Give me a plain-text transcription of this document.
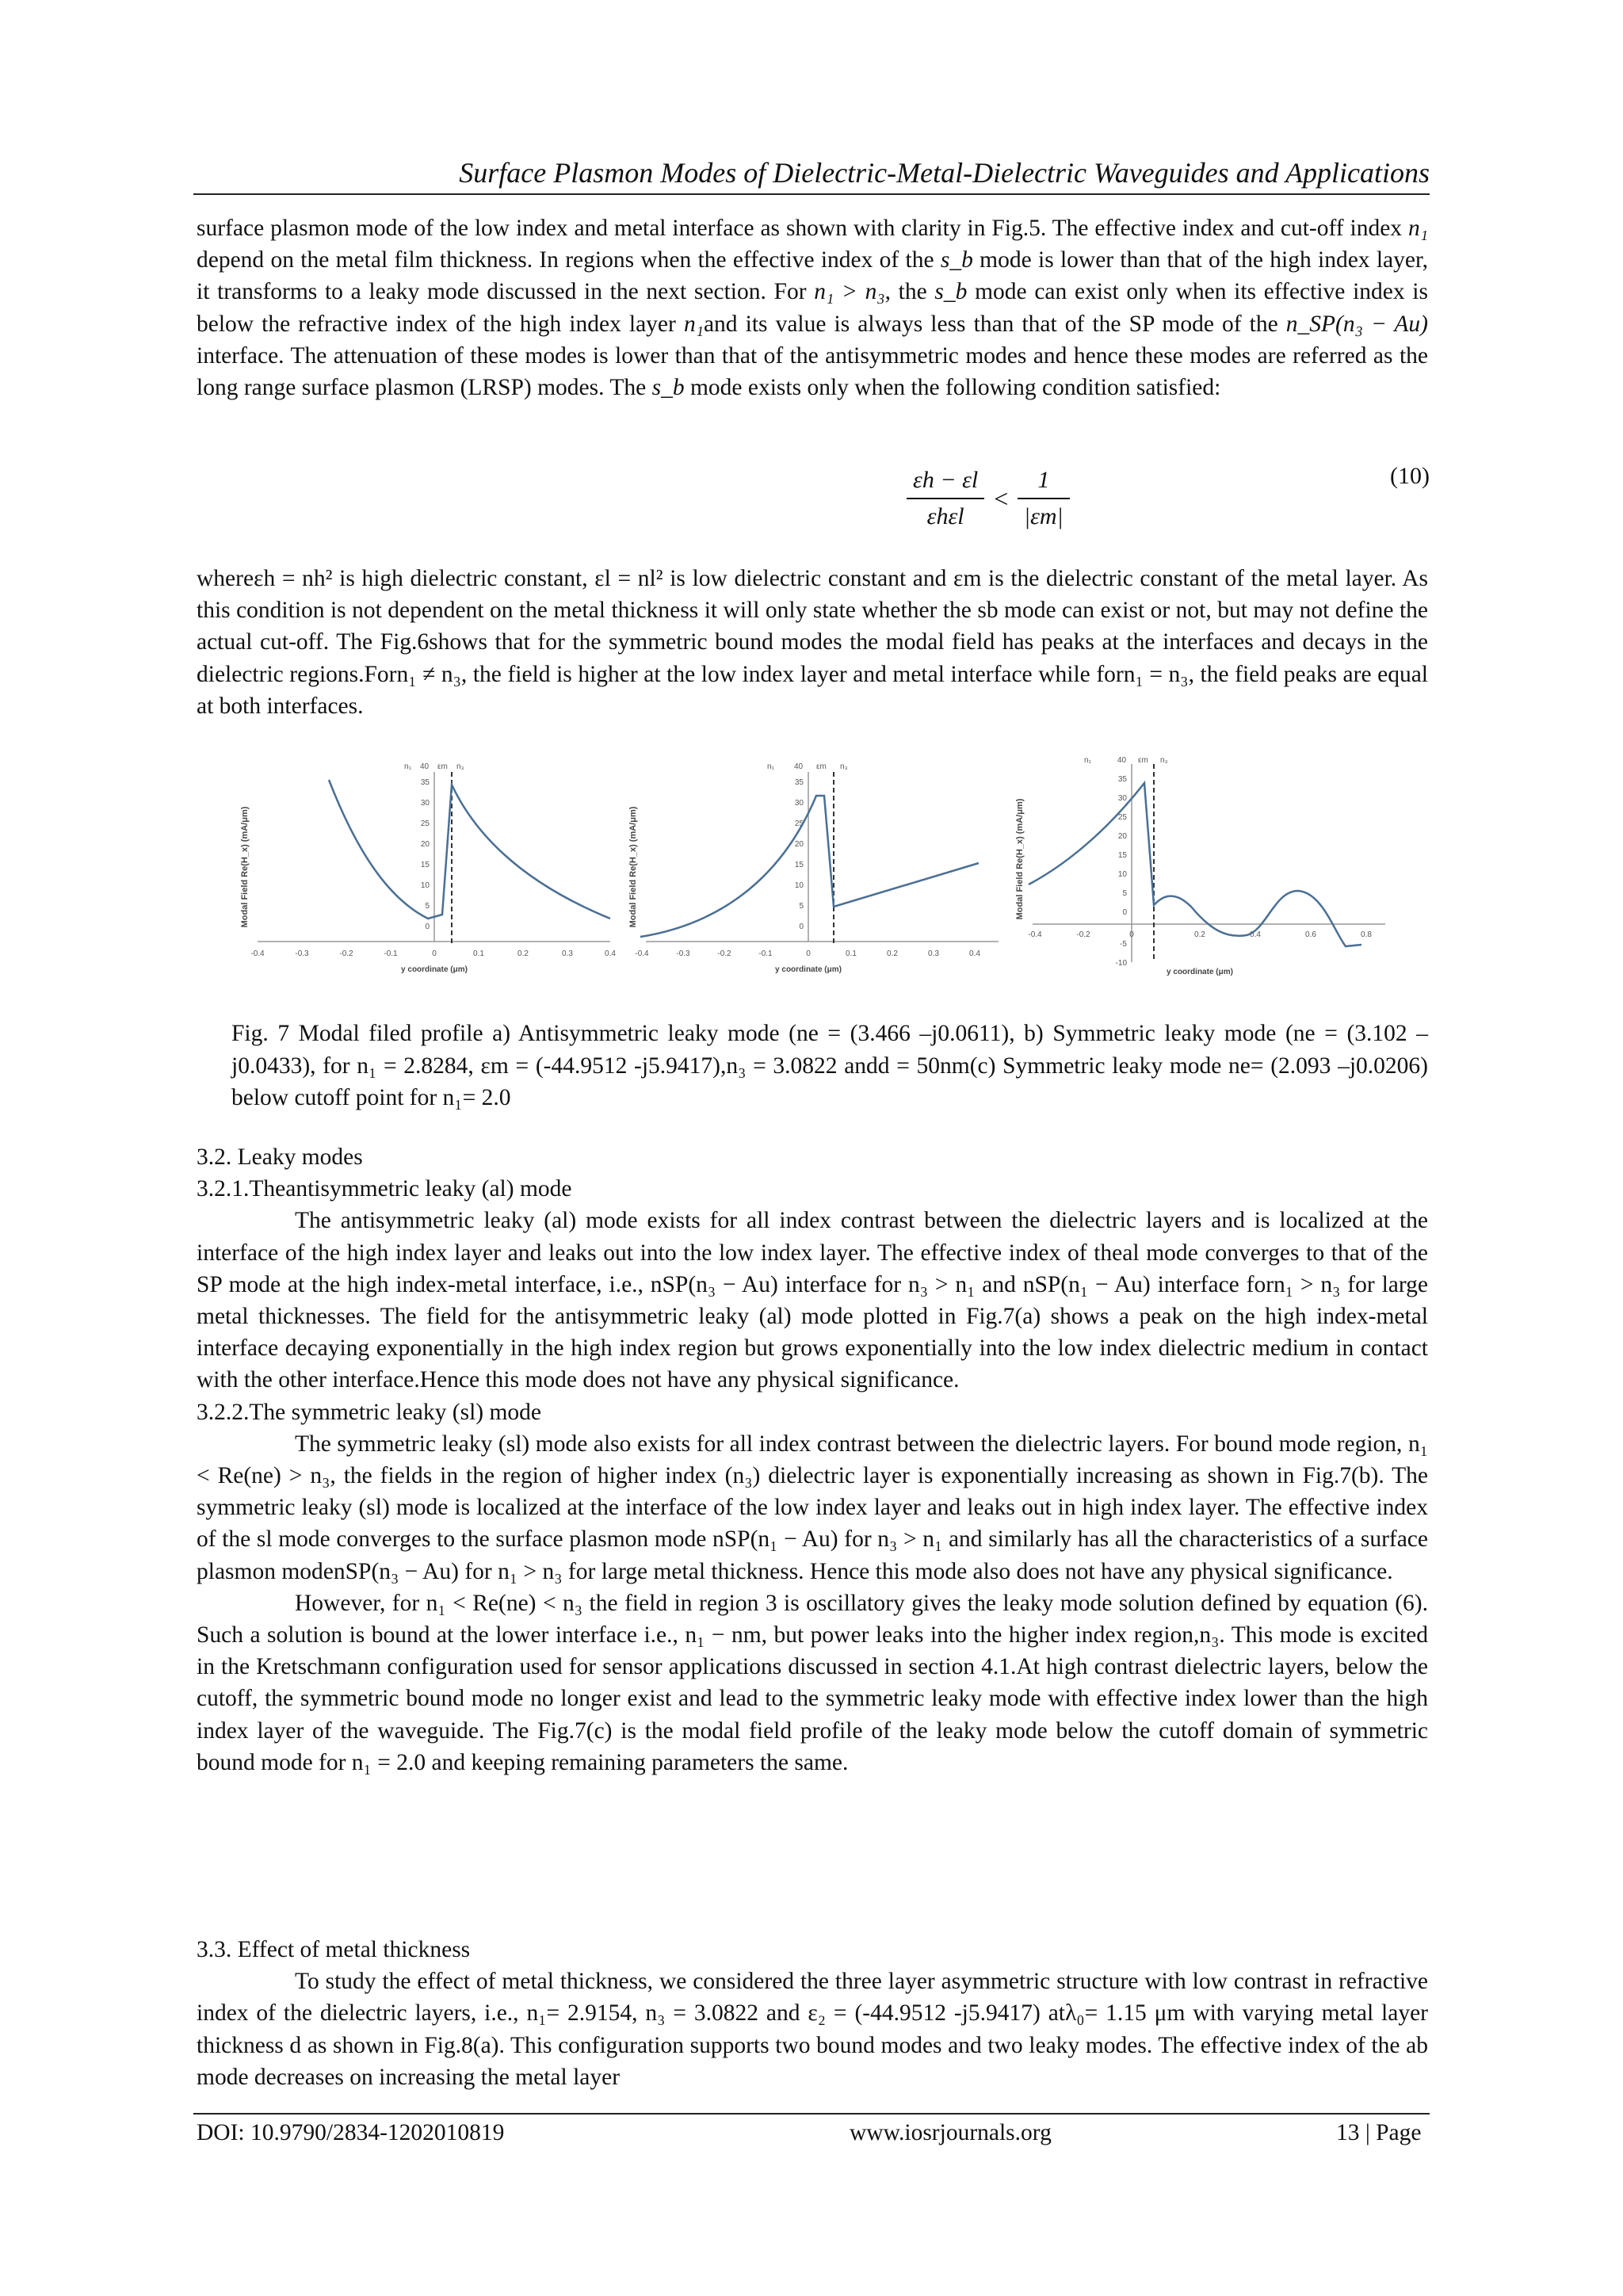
Surface Plasmon Modes of Dielectric-Metal-Dielectric Waveguides and Applications

surface plasmon mode of the low index and metal interface as shown with clarity in Fig.5. The effective index and cut-off index n₁ depend on the metal film thickness. In regions when the effective index of the s_b mode is lower than that of the high index layer, it transforms to a leaky mode discussed in the next section. For n₁ > n₃, the s_b mode can exist only when its effective index is below the refractive index of the high index layer n₁and its value is always less than that of the SP mode of the n_SP(n₃ − Au) interface. The attenuation of these modes is lower than that of the antisymmetric modes and hence these modes are referred as the long range surface plasmon (LRSP) modes. The s_b mode exists only when the following condition satisfied:

$\frac{\varepsilon h - \varepsilon l}{\text{εhεl}} < \frac{1}{|\varepsilon m|}$	(10)

whereεh = nh² is high dielectric constant, εl = nl² is low dielectric constant and εm is the dielectric constant of the metal layer. As this condition is not dependent on the metal thickness it will only state whether the sb mode can exist or not, but may not define the actual cut-off. The Fig.6shows that for the symmetric bound modes the modal field has peaks at the interfaces and decays in the dielectric regions.Forn₁ ≠ n₃, the field is higher at the low index layer and metal interface while forn₁ = n₃, the field peaks are equal at both interfaces.

Modal Field Re(H_x) (mA/μm)
n₁ 40 εm n₃
35
30
25
20
15
10
5
0
-0.4	-0.3	-0.2	-0.1	0	0.1	0.2	0.3	0.4
y coordinate (μm)
Modal Field Re(H_x) (mA/μm)
n₁	40 εm n₃
35
30
25
20
15
10
5
0
-0.4	-0.3	-0.2	-0.1	0	0.1	0.2	0.3	0.4
y coordinate (μm)
Modal Field Re(H_x) (mA/μm)
n₁	40 εm n₃
35
30
25
20
15
10
5
0
-5
-10
-0.4	-0.2	0	0.2	0.4	0.6	0.8
y coordinate (μm)
Fig. 7 Modal filed profile a) Antisymmetric leaky mode (ne = (3.466 –j0.0611), b) Symmetric leaky mode (ne = (3.102 –j0.0433), for n₁ = 2.8284, εm = (-44.9512 -j5.9417),n₃ = 3.0822 andd = 50nm(c) Symmetric leaky mode ne= (2.093 –j0.0206) below cutoff point for n₁= 2.0

3.2. Leaky modes

3.2.1.Theantisymmetric leaky (al) mode

The antisymmetric leaky (al) mode exists for all index contrast between the dielectric layers and is localized at the interface of the high index layer and leaks out into the low index layer. The effective index of theal mode converges to that of the SP mode at the high index-metal interface, i.e., nSP(n₃ − Au) interface for n₃ > n₁ and nSP(n₁ − Au) interface forn₁ > n₃ for large metal thicknesses. The field for the antisymmetric leaky (al) mode plotted in Fig.7(a) shows a peak on the high index-metal interface decaying exponentially in the high index region but grows exponentially into the low index dielectric medium in contact with the other interface.Hence this mode does not have any physical significance.

3.2.2.The symmetric leaky (sl) mode

The symmetric leaky (sl) mode also exists for all index contrast between the dielectric layers. For bound mode region, n₁ < Re(ne) > n₃, the fields in the region of higher index (n₃) dielectric layer is exponentially increasing as shown in Fig.7(b). The symmetric leaky (sl) mode is localized at the interface of the low index layer and leaks out in high index layer. The effective index of the sl mode converges to the surface plasmon mode nSP(n₁ − Au) for n₃ > n₁ and similarly has all the characteristics of a surface plasmon modenSP(n₃ − Au) for n₁ > n₃ for large metal thickness. Hence this mode also does not have any physical significance.

However, for n₁ < Re(ne) < n₃ the field in region 3 is oscillatory gives the leaky mode solution defined by equation (6). Such a solution is bound at the lower interface i.e., n₁ − nm, but power leaks into the higher index region,n₃. This mode is excited in the Kretschmann configuration used for sensor applications discussed in section 4.1.At high contrast dielectric layers, below the cutoff, the symmetric bound mode no longer exist and lead to the symmetric leaky mode with effective index lower than the high index layer of the waveguide. The Fig.7(c) is the modal field profile of the leaky mode below the cutoff domain of symmetric bound mode for n₁ = 2.0 and keeping remaining parameters the same.

3.3. Effect of metal thickness

To study the effect of metal thickness, we considered the three layer asymmetric structure with low contrast in refractive index of the dielectric layers, i.e., n₁= 2.9154, n₃ = 3.0822 and ε₂ = (-44.9512 -j5.9417) atλ₀= 1.15 μm with varying metal layer thickness d as shown in Fig.8(a). This configuration supports two bound modes and two leaky modes. The effective index of the ab mode decreases on increasing the metal layer

DOI: 10.9790/2834-1202010819	www.iosrjournals.org	13 | Page
